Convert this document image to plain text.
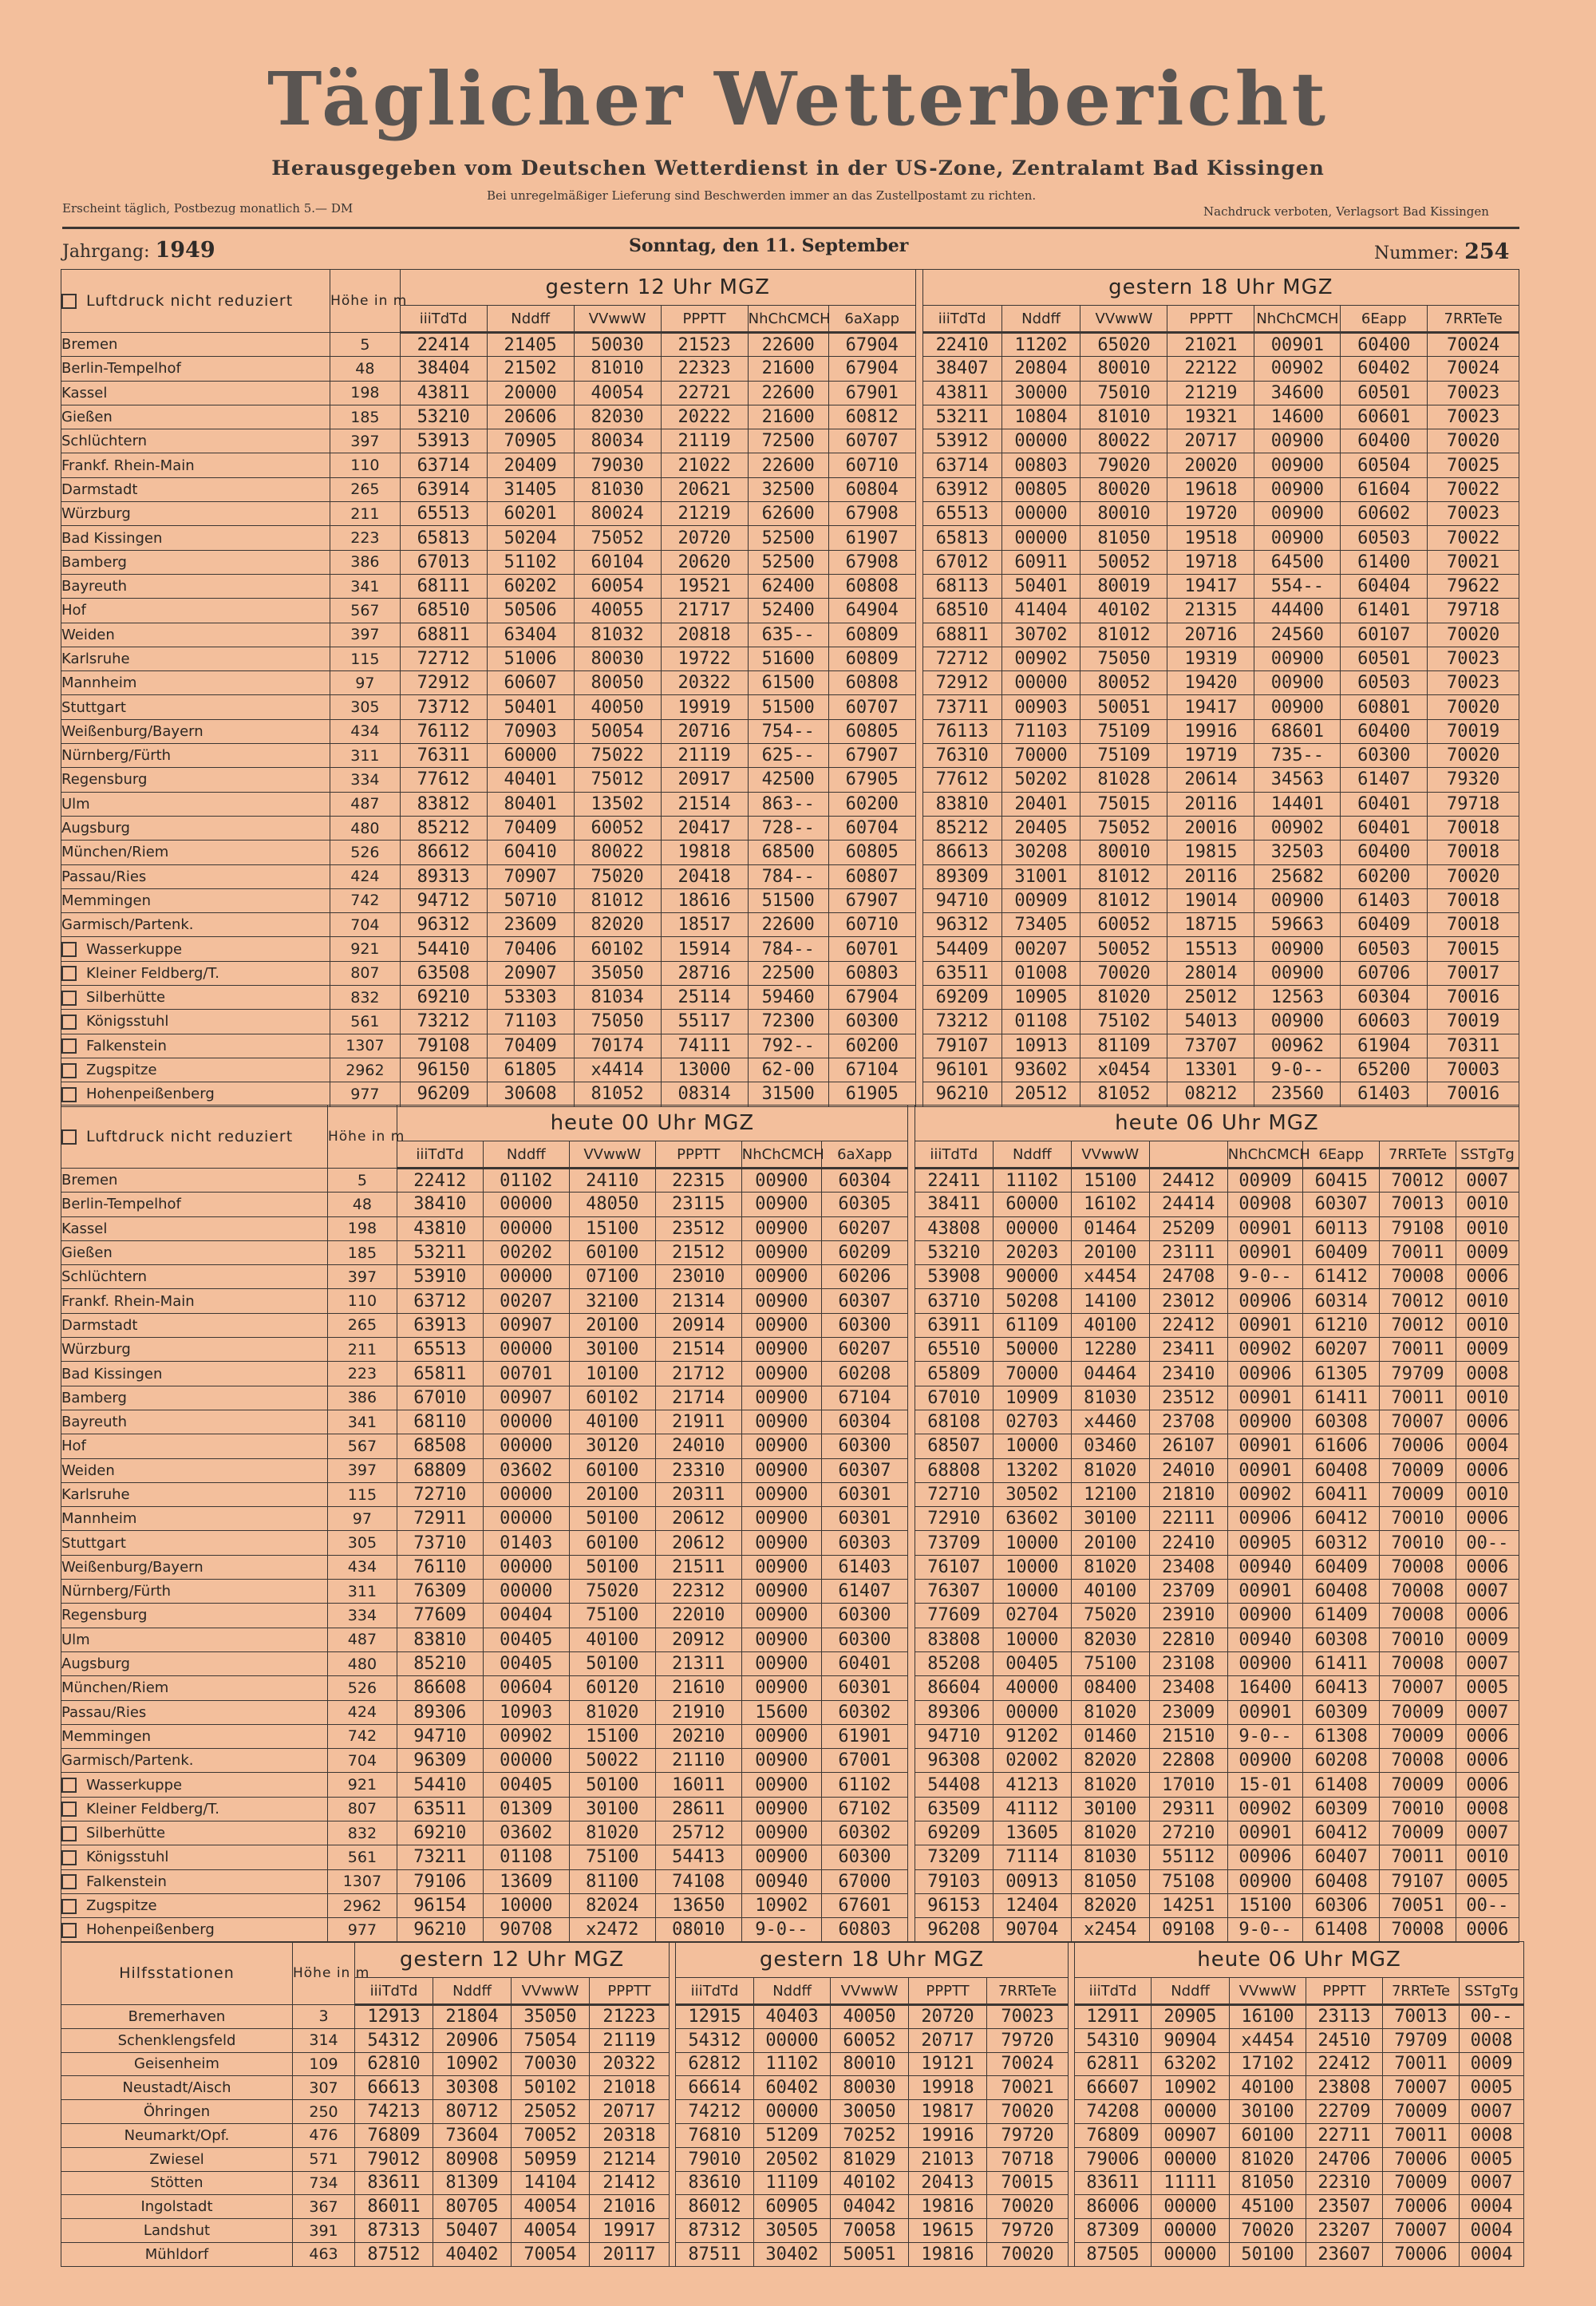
Täglicher Wetterbericht
Herausgegeben vom Deutschen Wetterdienst in der US-Zone, Zentralamt Bad Kissingen
Erscheint täglich, Postbezug monatlich 5.— DM
Bei unregelmäßiger Lieferung sind Beschwerden immer an das Zustellpostamt zu richten.
Nachdruck verboten, Verlagsort Bad Kissingen
Jahrgang: 1949	Sonntag, den 11. September	Nummer: 254
Luftdruck nicht reduziert	Höhe in m	gestern 12 Uhr MGZ							gestern 18 Uhr MGZ						
		iiiTdTd	Nddff	VVwwW	PPPTT	NhChCMCH	6aXapp		iiiTdTd	Nddff	VVwwW	PPPTT	NhChCMCH	6Eapp	7RRTeTe
Bremen	5	22414	21405	50030	21523	22600	67904		22410	11202	65020	21021	00901	60400	70024
Berlin-Tempelhof	48	38404	21502	81010	22323	21600	67904		38407	20804	80010	22122	00902	60402	70024
Kassel	198	43811	20000	40054	22721	22600	67901		43811	30000	75010	21219	34600	60501	70023
Gießen	185	53210	20606	82030	20222	21600	60812		53211	10804	81010	19321	14600	60601	70023
Schlüchtern	397	53913	70905	80034	21119	72500	60707		53912	00000	80022	20717	00900	60400	70020
Frankf. Rhein-Main	110	63714	20409	79030	21022	22600	60710		63714	00803	79020	20020	00900	60504	70025
Darmstadt	265	63914	31405	81030	20621	32500	60804		63912	00805	80020	19618	00900	61604	70022
Würzburg	211	65513	60201	80024	21219	62600	67908		65513	00000	80010	19720	00900	60602	70023
Bad Kissingen	223	65813	50204	75052	20720	52500	61907		65813	00000	81050	19518	00900	60503	70022
Bamberg	386	67013	51102	60104	20620	52500	67908		67012	60911	50052	19718	64500	61400	70021
Bayreuth	341	68111	60202	60054	19521	62400	60808		68113	50401	80019	19417	554--	60404	79622
Hof	567	68510	50506	40055	21717	52400	64904		68510	41404	40102	21315	44400	61401	79718
Weiden	397	68811	63404	81032	20818	635--	60809		68811	30702	81012	20716	24560	60107	70020
Karlsruhe	115	72712	51006	80030	19722	51600	60809		72712	00902	75050	19319	00900	60501	70023
Mannheim	97	72912	60607	80050	20322	61500	60808		72912	00000	80052	19420	00900	60503	70023
Stuttgart	305	73712	50401	40050	19919	51500	60707		73711	00903	50051	19417	00900	60801	70020
Weißenburg/Bayern	434	76112	70903	50054	20716	754--	60805		76113	71103	75109	19916	68601	60400	70019
Nürnberg/Fürth	311	76311	60000	75022	21119	625--	67907		76310	70000	75109	19719	735--	60300	70020
Regensburg	334	77612	40401	75012	20917	42500	67905		77612	50202	81028	20614	34563	61407	79320
Ulm	487	83812	80401	13502	21514	863--	60200		83810	20401	75015	20116	14401	60401	79718
Augsburg	480	85212	70409	60052	20417	728--	60704		85212	20405	75052	20016	00902	60401	70018
München/Riem	526	86612	60410	80022	19818	68500	60805		86613	30208	80010	19815	32503	60400	70018
Passau/Ries	424	89313	70907	75020	20418	784--	60807		89309	31001	81012	20116	25682	60200	70020
Memmingen	742	94712	50710	81012	18616	51500	67907		94710	00909	81012	19014	00900	61403	70018
Garmisch/Partenk.	704	96312	23609	82020	18517	22600	60710		96312	73405	60052	18715	59663	60409	70018
Wasserkuppe	921	54410	70406	60102	15914	784--	60701		54409	00207	50052	15513	00900	60503	70015
Kleiner Feldberg/T.	807	63508	20907	35050	28716	22500	60803		63511	01008	70020	28014	00900	60706	70017
Silberhütte	832	69210	53303	81034	25114	59460	67904		69209	10905	81020	25012	12563	60304	70016
Königsstuhl	561	73212	71103	75050	55117	72300	60300		73212	01108	75102	54013	00900	60603	70019
Falkenstein	1307	79108	70409	70174	74111	792--	60200		79107	10913	81109	73707	00962	61904	70311
Zugspitze	2962	96150	61805	x4414	13000	62-00	67104		96101	93602	x0454	13301	9-0--	65200	70003
Hohenpeißenberg	977	96209	30608	81052	08314	31500	61905		96210	20512	81052	08212	23560	61403	70016
Luftdruck nicht reduziert	Höhe in m	heute 00 Uhr MGZ							heute 06 Uhr MGZ							
		iiiTdTd	Nddff	VVwwW	PPPTT	NhChCMCH	6aXapp		iiiTdTd	Nddff	VVwwW		NhChCMCH	6Eapp	7RRTeTe	SSTgTg
Bremen	5	22412	01102	24110	22315	00900	60304		22411	11102	15100	24412	00909	60415	70012	0007
Berlin-Tempelhof	48	38410	00000	48050	23115	00900	60305		38411	60000	16102	24414	00908	60307	70013	0010
Kassel	198	43810	00000	15100	23512	00900	60207		43808	00000	01464	25209	00901	60113	79108	0010
Gießen	185	53211	00202	60100	21512	00900	60209		53210	20203	20100	23111	00901	60409	70011	0009
Schlüchtern	397	53910	00000	07100	23010	00900	60206		53908	90000	x4454	24708	9-0--	61412	70008	0006
Frankf. Rhein-Main	110	63712	00207	32100	21314	00900	60307		63710	50208	14100	23012	00906	60314	70012	0010
Darmstadt	265	63913	00907	20100	20914	00900	60300		63911	61109	40100	22412	00901	61210	70012	0010
Würzburg	211	65513	00000	30100	21514	00900	60207		65510	50000	12280	23411	00902	60207	70011	0009
Bad Kissingen	223	65811	00701	10100	21712	00900	60208		65809	70000	04464	23410	00906	61305	79709	0008
Bamberg	386	67010	00907	60102	21714	00900	67104		67010	10909	81030	23512	00901	61411	70011	0010
Bayreuth	341	68110	00000	40100	21911	00900	60304		68108	02703	x4460	23708	00900	60308	70007	0006
Hof	567	68508	00000	30120	24010	00900	60300		68507	10000	03460	26107	00901	61606	70006	0004
Weiden	397	68809	03602	60100	23310	00900	60307		68808	13202	81020	24010	00901	60408	70009	0006
Karlsruhe	115	72710	00000	20100	20311	00900	60301		72710	30502	12100	21810	00902	60411	70009	0010
Mannheim	97	72911	00000	50100	20612	00900	60301		72910	63602	30100	22111	00906	60412	70010	0006
Stuttgart	305	73710	01403	60100	20612	00900	60303		73709	10000	20100	22410	00905	60312	70010	00--
Weißenburg/Bayern	434	76110	00000	50100	21511	00900	61403		76107	10000	81020	23408	00940	60409	70008	0006
Nürnberg/Fürth	311	76309	00000	75020	22312	00900	61407		76307	10000	40100	23709	00901	60408	70008	0007
Regensburg	334	77609	00404	75100	22010	00900	60300		77609	02704	75020	23910	00900	61409	70008	0006
Ulm	487	83810	00405	40100	20912	00900	60300		83808	10000	82030	22810	00940	60308	70010	0009
Augsburg	480	85210	00405	50100	21311	00900	60401		85208	00405	75100	23108	00900	61411	70008	0007
München/Riem	526	86608	00604	60120	21610	00900	60301		86604	40000	08400	23408	16400	60413	70007	0005
Passau/Ries	424	89306	10903	81020	21910	15600	60302		89306	00000	81020	23009	00901	60309	70009	0007
Memmingen	742	94710	00902	15100	20210	00900	61901		94710	91202	01460	21510	9-0--	61308	70009	0006
Garmisch/Partenk.	704	96309	00000	50022	21110	00900	67001		96308	02002	82020	22808	00900	60208	70008	0006
Wasserkuppe	921	54410	00405	50100	16011	00900	61102		54408	41213	81020	17010	15-01	61408	70009	0006
Kleiner Feldberg/T.	807	63511	01309	30100	28611	00900	67102		63509	41112	30100	29311	00902	60309	70010	0008
Silberhütte	832	69210	03602	81020	25712	00900	60302		69209	13605	81020	27210	00901	60412	70009	0007
Königsstuhl	561	73211	01108	75100	54413	00900	60300		73209	71114	81030	55112	00906	60407	70011	0010
Falkenstein	1307	79106	13609	81100	74108	00940	67000		79103	00913	81050	75108	00900	60408	79107	0005
Zugspitze	2962	96154	10000	82024	13650	10902	67601		96153	12404	82020	14251	15100	60306	70051	00--
Hohenpeißenberg	977	96210	90708	x2472	08010	9-0--	60803		96208	90704	x2454	09108	9-0--	61408	70008	0006
Hilfsstationen	Höhe in m	gestern 12 Uhr MGZ					gestern 18 Uhr MGZ						heute 06 Uhr MGZ					
		iiiTdTd	Nddff	VVwwW	PPPTT		iiiTdTd	Nddff	VVwwW	PPPTT	7RRTeTe		iiiTdTd	Nddff	VVwwW	PPPTT	7RRTeTe	SSTgTg
Bremerhaven	3	12913	21804	35050	21223		12915	40403	40050	20720	70023		12911	20905	16100	23113	70013	00--
Schenklengsfeld	314	54312	20906	75054	21119		54312	00000	60052	20717	79720		54310	90904	x4454	24510	79709	0008
Geisenheim	109	62810	10902	70030	20322		62812	11102	80010	19121	70024		62811	63202	17102	22412	70011	0009
Neustadt/Aisch	307	66613	30308	50102	21018		66614	60402	80030	19918	70021		66607	10902	40100	23808	70007	0005
Öhringen	250	74213	80712	25052	20717		74212	00000	30050	19817	70020		74208	00000	30100	22709	70009	0007
Neumarkt/Opf.	476	76809	73604	70052	20318		76810	51209	70252	19916	79720		76809	00907	60100	22711	70011	0008
Zwiesel	571	79012	80908	50959	21214		79010	20502	81029	21013	70718		79006	00000	81020	24706	70006	0005
Stötten	734	83611	81309	14104	21412		83610	11109	40102	20413	70015		83611	11111	81050	22310	70009	0007
Ingolstadt	367	86011	80705	40054	21016		86012	60905	04042	19816	70020		86006	00000	45100	23507	70006	0004
Landshut	391	87313	50407	40054	19917		87312	30505	70058	19615	79720		87309	00000	70020	23207	70007	0004
Mühldorf	463	87512	40402	70054	20117		87511	30402	50051	19816	70020		87505	00000	50100	23607	70006	0004
